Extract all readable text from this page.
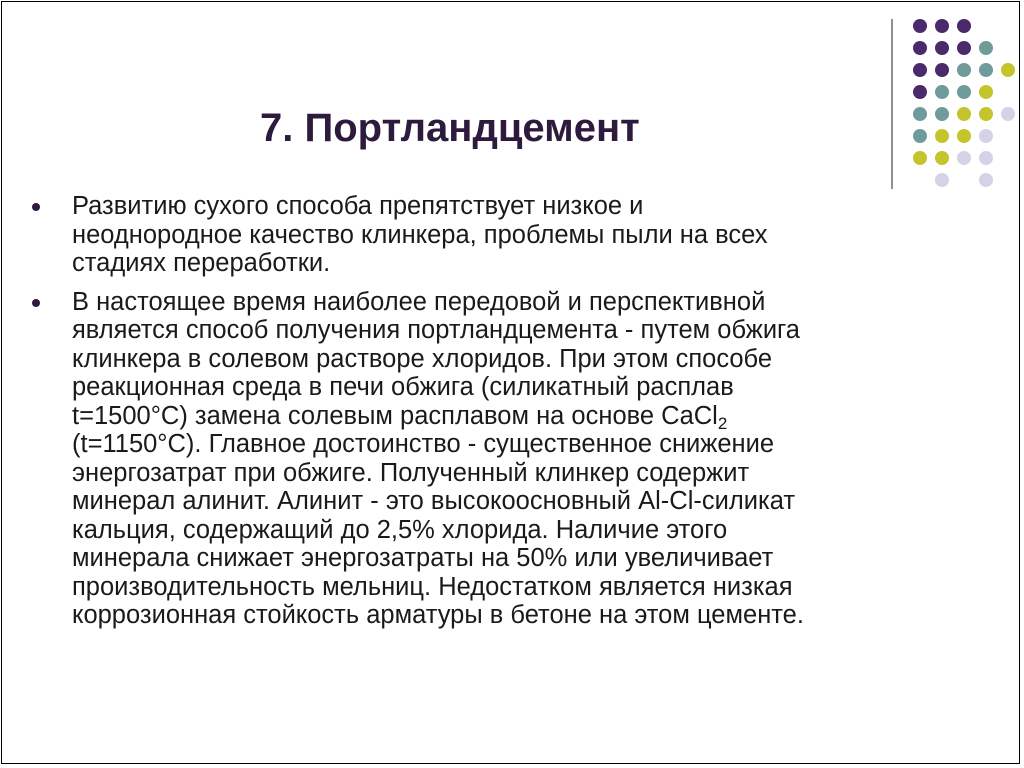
7. Портландцемент
Развитию сухого способа препятствует низкое и
неоднородное качество клинкера, проблемы пыли на всех
стадиях переработки.
В настоящее время наиболее передовой и перспективной
является способ получения портландцемента - путем обжига
клинкера в солевом растворе хлоридов. При этом способе
реакционная среда в печи обжига (силикатный расплав
t=1500°С) замена солевым расплавом на основе CaCl$_2$
(t=1150°С). Главное достоинство - существенное снижение
энергозатрат при обжиге. Полученный клинкер содержит
минерал алинит. Алинит - это высокоосновный Al-Cl-силикат
кальция, содержащий до 2,5% хлорида. Наличие этого
минерала снижает энергозатраты на 50% или увеличивает
производительность мельниц. Недостатком является низкая
коррозионная стойкость арматуры в бетоне на этом цементе.
